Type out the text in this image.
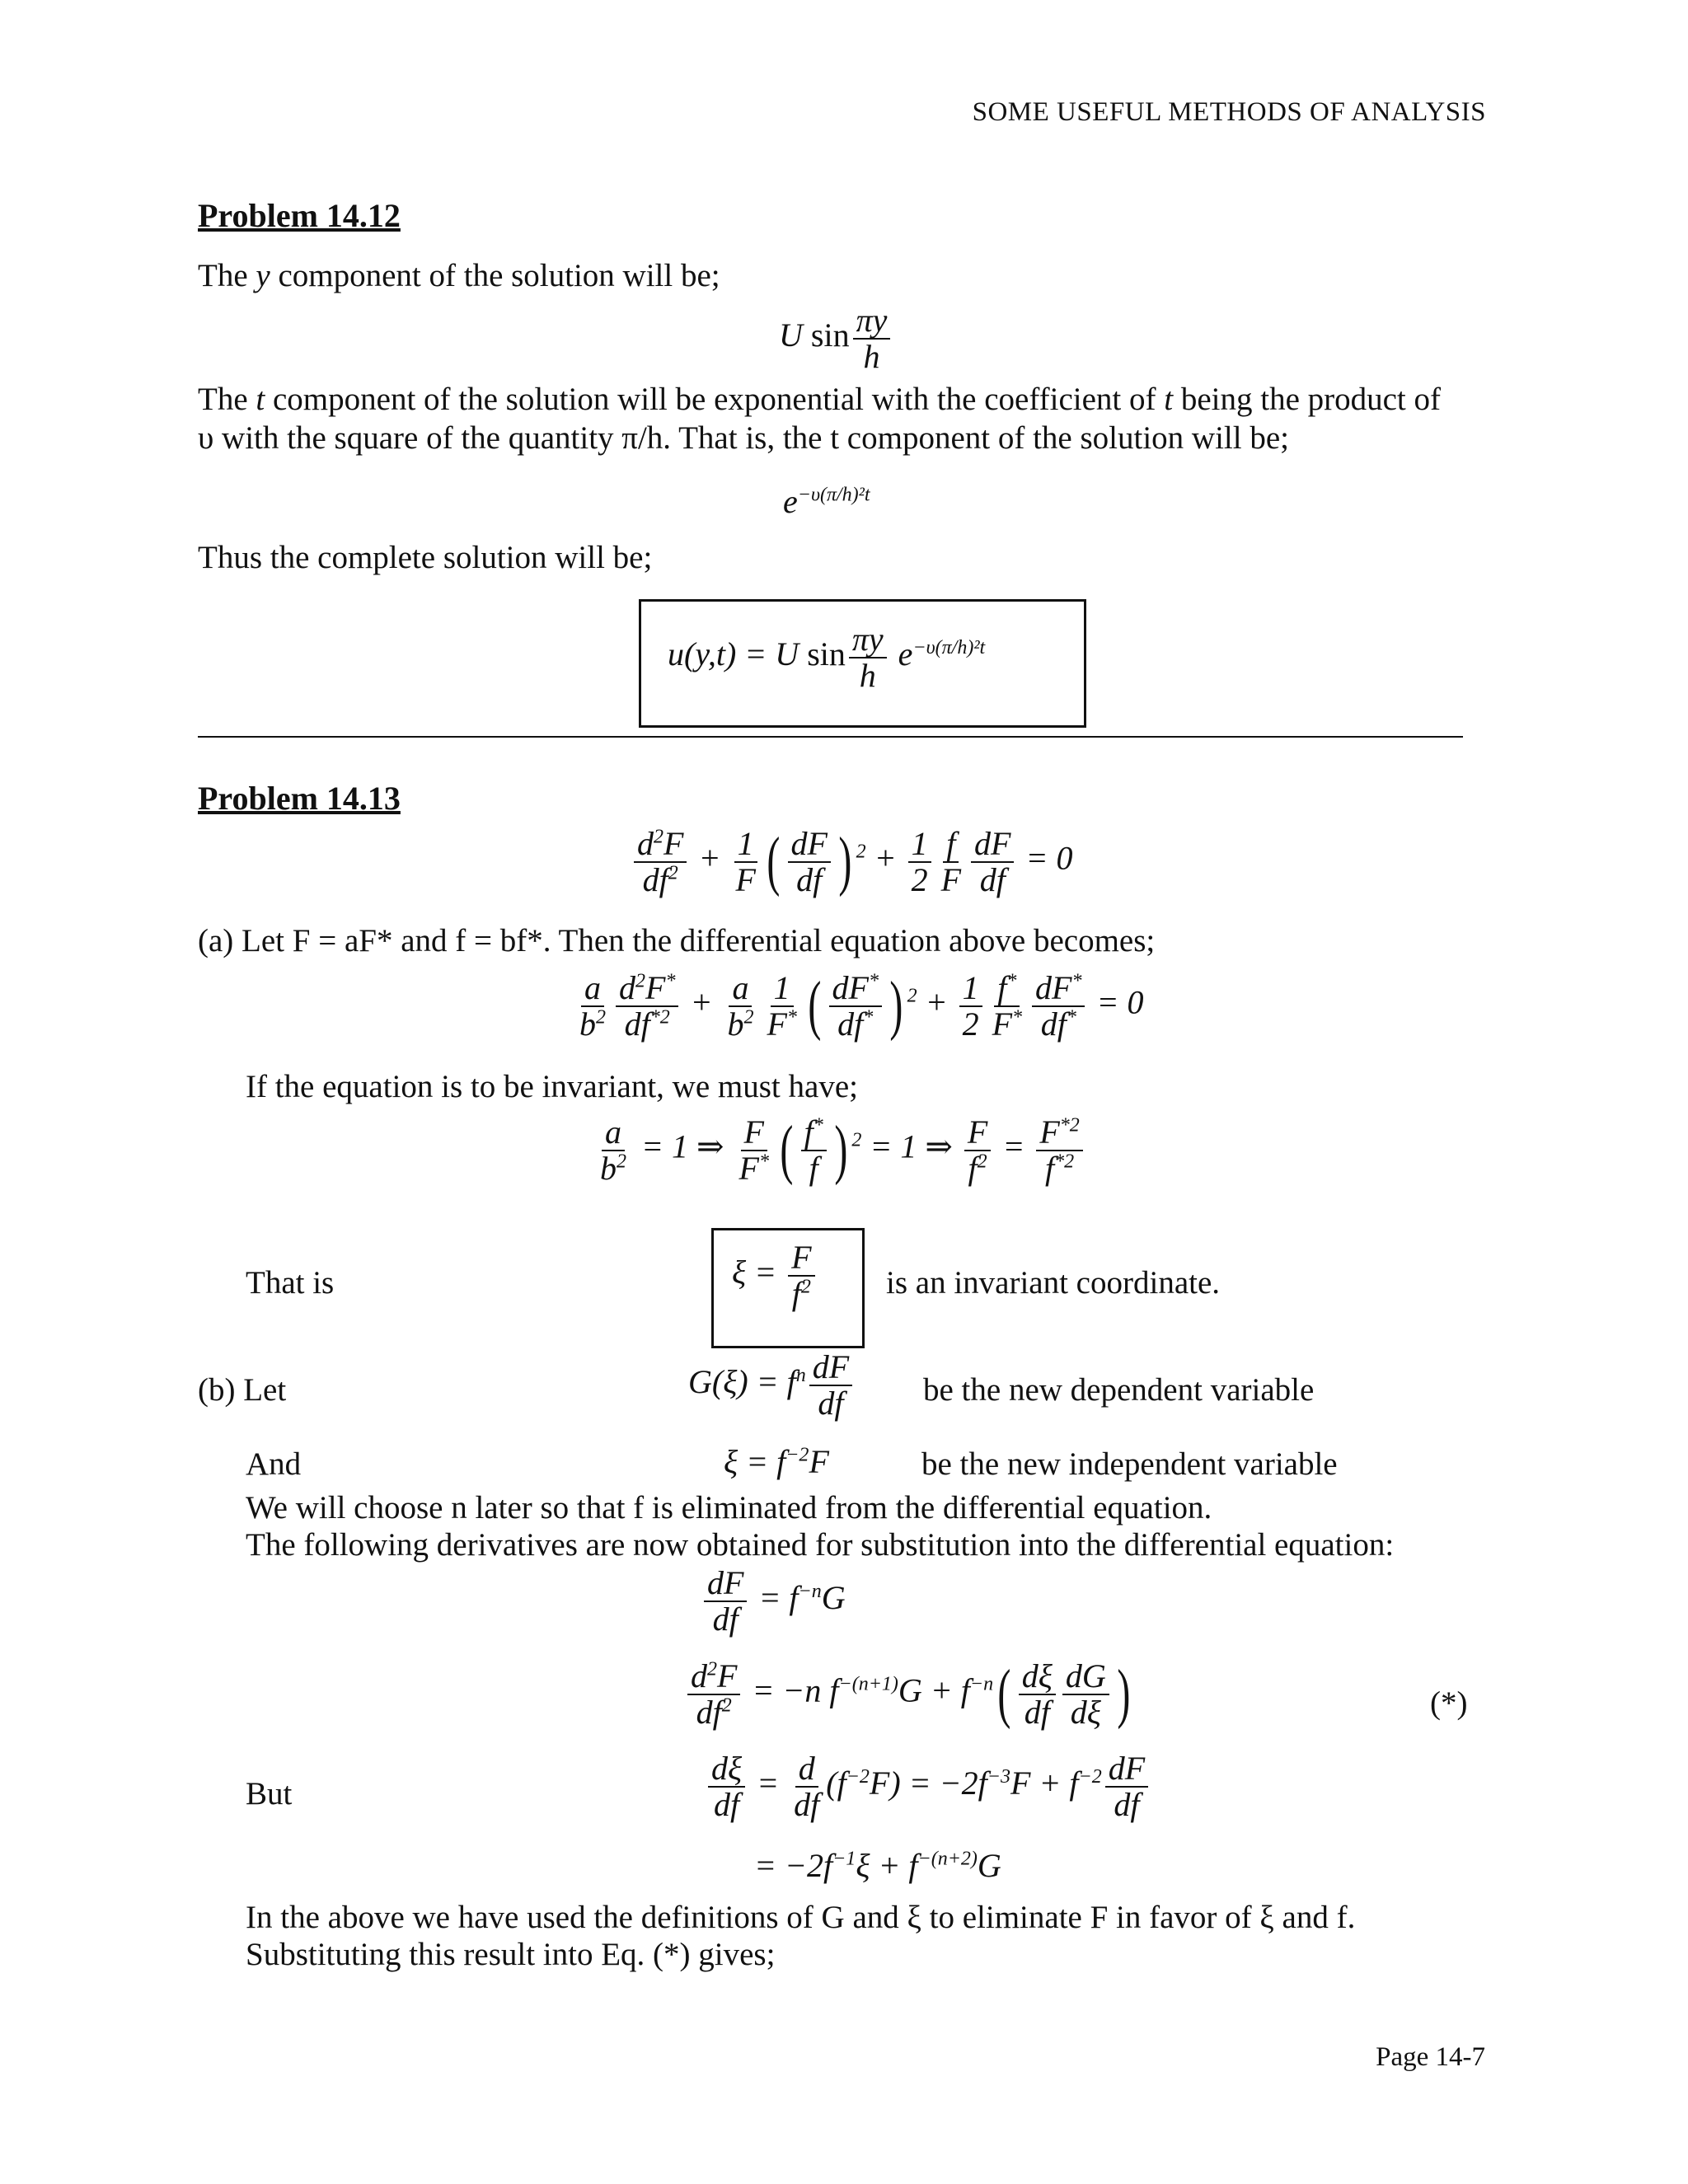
SOME USEFUL METHODS OF ANALYSIS
Problem 14.12
The y component of the solution will be;
U $\sin \frac{\pi y}{h}$
The t component of the solution will be exponential with the coefficient of t being the product of
υ with the square of the quantity π/h. That is, the t component of the solution will be;
$e^{-\upsilon(\pi/h)^2t}$
Thus the complete solution will be;
u(y,t) = U $\sin \frac{\pi y}{h} e^{-\upsilon(\pi/h)^2t}$
Problem 14.13
$\frac{d^2F}{df^2} + \frac{1}{F}$ ( $\frac{dF}{df}$ ) $^2 + \frac{1}{2} \frac{f}{F} \frac{dF}{df} = 0$
(a) Let F = aF* and f = bf*. Then the differential equation above becomes;
$\frac{a}{b^2} \frac{d^2F^*}{df^{*2}} + \frac{a}{b^2} \frac{1}{F^*}$ ( $\frac{dF^*}{df^*}$ ) $^2 + \frac{1}{2} \frac{f^*}{F^*} \frac{dF^*}{df^*} = 0$
If the equation is to be invariant, we must have;
$\frac{a}{b^2} = 1$ ⇒ $\frac{F}{F^*}$ ( $\frac{f^*}{f}$ ) $^2$ = 1 ⇒ $\frac{F}{f^2} = \frac{F^{*2}}{f^{*2}}$
That is	$\xi = \frac{F}{f^2}$ is an invariant coordinate.
(b) Let	$G(\xi) = f^n \frac{dF}{df}$ be the new dependent variable
And	$\xi = f^{-2}F$	be the new independent variable
We will choose n later so that f is eliminated from the differential equation.
The following derivatives are now obtained for substitution into the differential equation:
$\frac{dF}{df} = f^{-n}G$
$\frac{d^2F}{df^2} = -n$ $f^{-(n+1)}G + f^{-n}( \frac{d\xi}{df} \frac{dG}{d\xi}$ )	(*)
But	$\frac{d\xi}{df} = \frac{d}{df} (f^{-2}F) = -2f^{-3}F + f^{-2} \frac{dF}{df}$
= $-2f^{-1}\xi + f^{-(n+2)}G$
In the above we have used the definitions of G and ξ to eliminate F in favor of ξ and f.
Substituting this result into Eq. (*) gives;
Page 14-7
